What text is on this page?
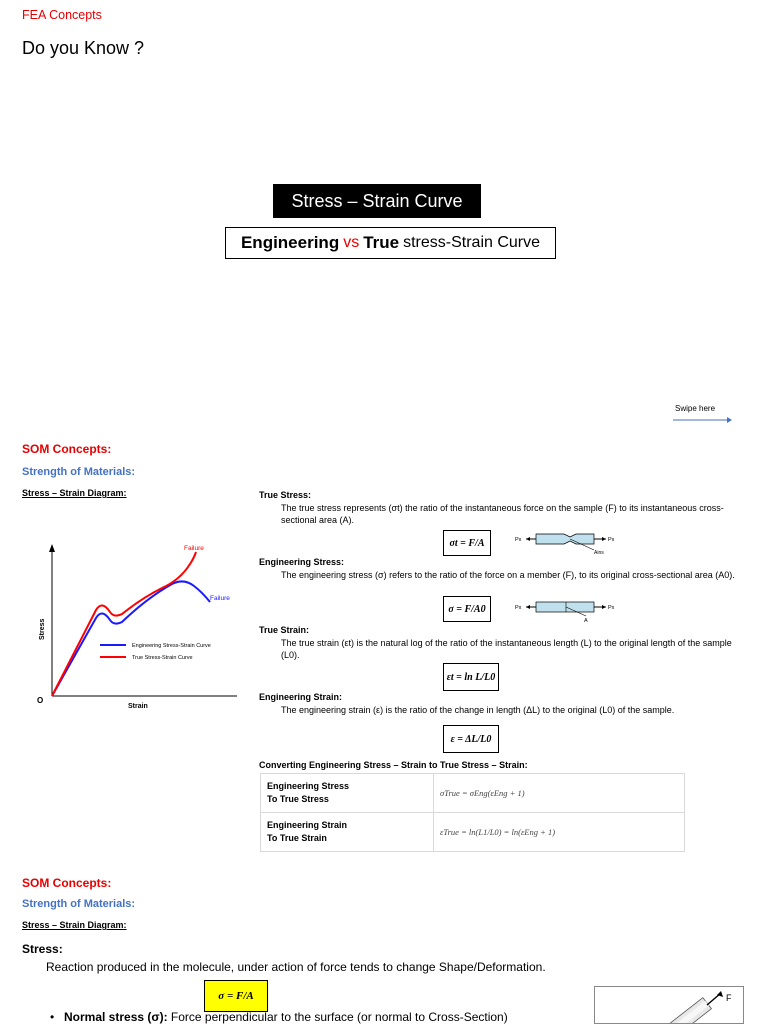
FEA Concepts
Do you Know ?
Stress – Strain Curve
Engineering vs True stress-Strain Curve
Swipe here
SOM Concepts:
Strength of Materials:
Stress – Strain Diagram:
Failure
Failure
Engineering Stress-Strain Curve
True Stress-Strain Curve
Stress
Strain
O
True Stress:
The true stress represents (σt) the ratio of the instantaneous force on the sample (F) to its instantaneous cross-sectional area (A).
σt = F/A	Px	Px
Ains
Engineering Stress:
The engineering stress (σ) refers to the ratio of the force on a member (F), to its original cross-sectional area (A0).
σ = F/A0	Px	Px
A
True Strain:
The true strain (εt) is the natural log of the ratio of the instantaneous length (L) to the original length of the sample (L0).
εt = ln L/L0
Engineering Strain:
The engineering strain (ε) is the ratio of the change in length (ΔL) to the original (L0) of the sample.
ε = ΔL/L0
Converting Engineering Stress – Strain to True Stress – Strain:
Engineering Stress
To True Stress	σTrue = σEng(εEng + 1)

Engineering Strain
To True Strain	εTrue = ln(L1/L0) = ln(εEng + 1)
SOM Concepts:
Strength of Materials:
Stress – Strain Diagram:
Stress:
Reaction produced in the molecule, under action of force tends to change Shape/Deformation.
σ = F/A
• Normal stress (σ): Force perpendicular to the surface (or normal to Cross-Section)
F
